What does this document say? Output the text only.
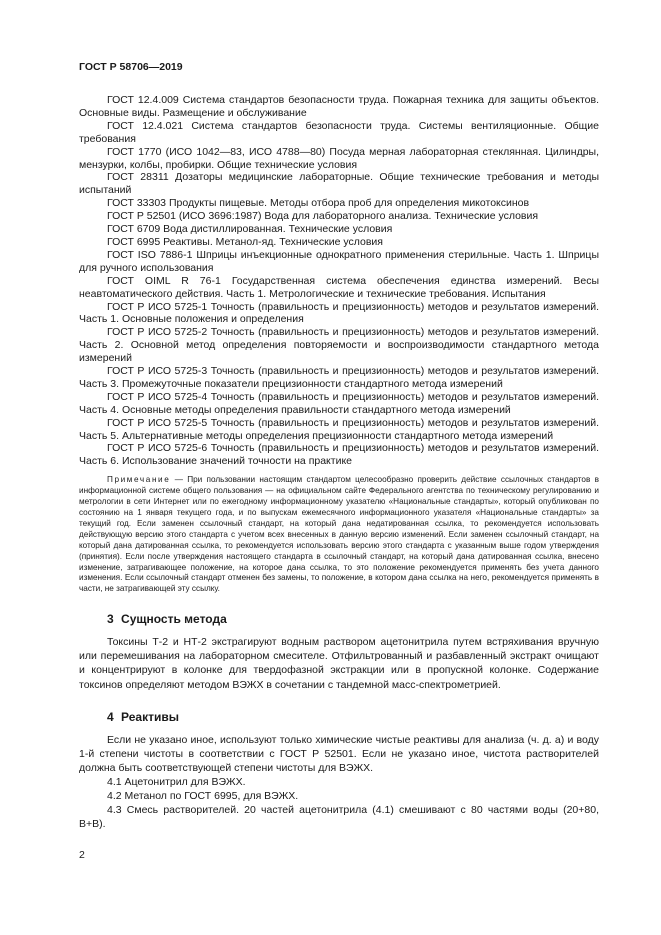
ГОСТ Р 58706—2019

ГОСТ 12.4.009 Система стандартов безопасности труда. Пожарная техника для защиты объектов. Основные виды. Размещение и обслуживание

ГОСТ 12.4.021 Система стандартов безопасности труда. Системы вентиляционные. Общие требования

ГОСТ 1770 (ИСО 1042—83, ИСО 4788—80) Посуда мерная лабораторная стеклянная. Цилиндры, мензурки, колбы, пробирки. Общие технические условия

ГОСТ 28311 Дозаторы медицинские лабораторные. Общие технические требования и методы испытаний

ГОСТ 33303 Продукты пищевые. Методы отбора проб для определения микотоксинов

ГОСТ Р 52501 (ИСО 3696:1987) Вода для лабораторного анализа. Технические условия

ГОСТ 6709 Вода дистиллированная. Технические условия

ГОСТ 6995 Реактивы. Метанол-яд. Технические условия

ГОСТ ISO 7886-1 Шприцы инъекционные однократного применения стерильные. Часть 1. Шприцы для ручного использования

ГОСТ OIML R 76-1 Государственная система обеспечения единства измерений. Весы неавтоматического действия. Часть 1. Метрологические и технические требования. Испытания

ГОСТ Р ИСО 5725-1 Точность (правильность и прецизионность) методов и результатов измерений. Часть 1. Основные положения и определения

ГОСТ Р ИСО 5725-2 Точность (правильность и прецизионность) методов и результатов измерений. Часть 2. Основной метод определения повторяемости и воспроизводимости стандартного метода измерений

ГОСТ Р ИСО 5725-3 Точность (правильность и прецизионность) методов и результатов измерений. Часть 3. Промежуточные показатели прецизионности стандартного метода измерений

ГОСТ Р ИСО 5725-4 Точность (правильность и прецизионность) методов и результатов измерений. Часть 4. Основные методы определения правильности стандартного метода измерений

ГОСТ Р ИСО 5725-5 Точность (правильность и прецизионность) методов и результатов измерений. Часть 5. Альтернативные методы определения прецизионности стандартного метода измерений

ГОСТ Р ИСО 5725-6 Точность (правильность и прецизионность) методов и результатов измерений. Часть 6. Использование значений точности на практике

Примечание — При пользовании настоящим стандартом целесообразно проверить действие ссылочных стандартов в информационной системе общего пользования — на официальном сайте Федерального агентства по техническому регулированию и метрологии в сети Интернет или по ежегодному информационному указателю «Национальные стандарты», который опубликован по состоянию на 1 января текущего года, и по выпускам ежемесячного информационного указателя «Национальные стандарты» за текущий год. Если заменен ссылочный стандарт, на который дана недатированная ссылка, то рекомендуется использовать действующую версию этого стандарта с учетом всех внесенных в данную версию изменений. Если заменен ссылочный стандарт, на который дана датированная ссылка, то рекомендуется использовать версию этого стандарта с указанным выше годом утверждения (принятия). Если после утверждения настоящего стандарта в ссылочный стандарт, на который дана датированная ссылка, внесено изменение, затрагивающее положение, на которое дана ссылка, то это положение рекомендуется применять без учета данного изменения. Если ссылочный стандарт отменен без замены, то положение, в котором дана ссылка на него, рекомендуется применять в части, не затрагивающей эту ссылку.

3 Сущность метода

Токсины Т-2 и НТ-2 экстрагируют водным раствором ацетонитрила путем встряхивания вручную или перемешивания на лабораторном смесителе. Отфильтрованный и разбавленный экстракт очищают и концентрируют в колонке для твердофазной экстракции или в пропускной колонке. Содержание токсинов определяют методом ВЭЖХ в сочетании с тандемной масс-спектрометрией.

4 Реактивы

Если не указано иное, используют только химические чистые реактивы для анализа (ч. д. а) и воду 1-й степени чистоты в соответствии с ГОСТ Р 52501. Если не указано иное, чистота растворителей должна быть соответствующей степени чистоты для ВЭЖХ.

4.1 Ацетонитрил для ВЭЖХ.

4.2 Метанол по ГОСТ 6995, для ВЭЖХ.

4.3 Смесь растворителей. 20 частей ацетонитрила (4.1) смешивают с 80 частями воды (20+80, В+В).

2
